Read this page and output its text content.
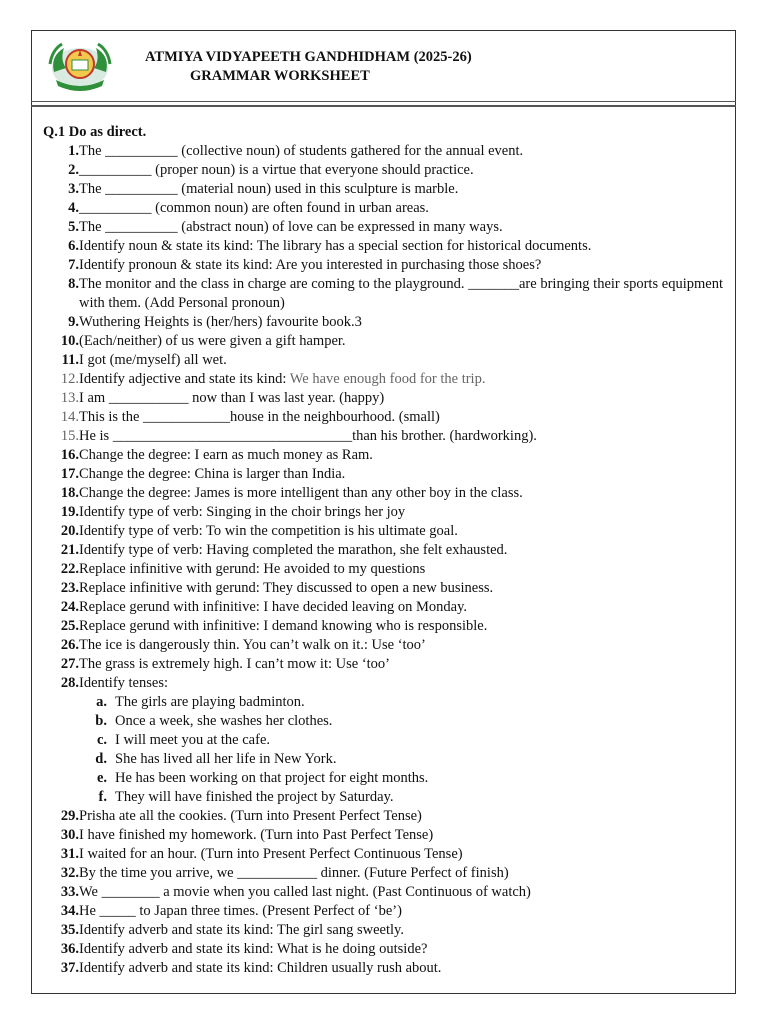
ATMIYA VIDYAPEETH GANDHIDHAM (2025-26)
GRAMMAR WORKSHEET
Q.1 Do as direct.
1. The __________ (collective noun) of students gathered for the annual event.
2. __________ (proper noun) is a virtue that everyone should practice.
3. The __________ (material noun) used in this sculpture is marble.
4. __________ (common noun) are often found in urban areas.
5. The __________ (abstract noun) of love can be expressed in many ways.
6. Identify noun & state its kind: The library has a special section for historical documents.
7. Identify pronoun & state its kind: Are you interested in purchasing those shoes?
8. The monitor and the class in charge are coming to the playground. _______are bringing their sports equipment with them. (Add Personal pronoun)
9. Wuthering Heights is (her/hers) favourite book.3
10. (Each/neither) of us were given a gift hamper.
11. I got (me/myself) all wet.
12. Identify adjective and state its kind: We have enough food for the trip.
13. I am ___________ now than I was last year. (happy)
14. This is the ____________house in the neighbourhood. (small)
15. He is _________________________________than his brother. (hardworking).
16. Change the degree: I earn as much money as Ram.
17. Change the degree: China is larger than India.
18. Change the degree: James is more intelligent than any other boy in the class.
19. Identify type of verb: Singing in the choir brings her joy
20. Identify type of verb: To win the competition is his ultimate goal.
21. Identify type of verb: Having completed the marathon, she felt exhausted.
22. Replace infinitive with gerund: He avoided to my questions
23. Replace infinitive with gerund: They discussed to open a new business.
24. Replace gerund with infinitive: I have decided leaving on Monday.
25. Replace gerund with infinitive: I demand knowing who is responsible.
26. The ice is dangerously thin. You can’t walk on it.: Use ‘too’
27. The grass is extremely high. I can’t mow it: Use ‘too’
28. Identify tenses:
a. The girls are playing badminton.
b. Once a week, she washes her clothes.
c. I will meet you at the cafe.
d. She has lived all her life in New York.
e. He has been working on that project for eight months.
f. They will have finished the project by Saturday.
29. Prisha ate all the cookies. (Turn into Present Perfect Tense)
30. I have finished my homework. (Turn into Past Perfect Tense)
31. I waited for an hour. (Turn into Present Perfect Continuous Tense)
32. By the time you arrive, we ___________ dinner. (Future Perfect of finish)
33. We ________ a movie when you called last night. (Past Continuous of watch)
34. He _____ to Japan three times. (Present Perfect of ‘be’)
35. Identify adverb and state its kind: The girl sang sweetly.
36. Identify adverb and state its kind: What is he doing outside?
37. Identify adverb and state its kind: Children usually rush about.
